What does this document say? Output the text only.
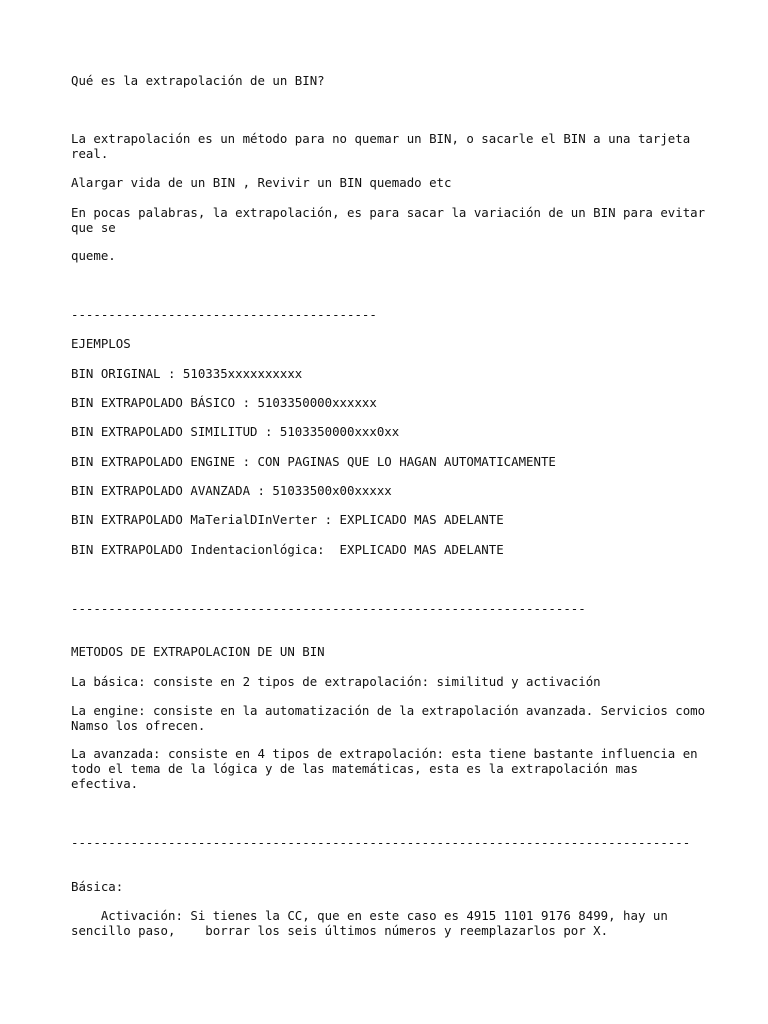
Qué es la extrapolación de un BIN?

La extrapolación es un método para no quemar un BIN, o sacarle el BIN a una tarjeta real.

Alargar vida de un BIN , Revivir un BIN quemado etc

En pocas palabras, la extrapolación, es para sacar la variación de un BIN para evitar que se

queme.

-----------------------------------------

EJEMPLOS

BIN ORIGINAL : 510335xxxxxxxxxx

BIN EXTRAPOLADO BÁSICO : 5103350000xxxxxx

BIN EXTRAPOLADO SIMILITUD : 5103350000xxx0xx

BIN EXTRAPOLADO ENGINE : CON PAGINAS QUE LO HAGAN AUTOMATICAMENTE

BIN EXTRAPOLADO AVANZADA : 51033500x00xxxxx

BIN EXTRAPOLADO MaTerialDInVerter : EXPLICADO MAS ADELANTE

BIN EXTRAPOLADO Indentacionlógica:  EXPLICADO MAS ADELANTE

---------------------------------------------------------------------

METODOS DE EXTRAPOLACION DE UN BIN

La básica: consiste en 2 tipos de extrapolación: similitud y activación

La engine: consiste en la automatización de la extrapolación avanzada. Servicios como Namso los ofrecen.

La avanzada: consiste en 4 tipos de extrapolación: esta tiene bastante influencia en todo el tema de la lógica y de las matemáticas, esta es la extrapolación mas efectiva.

-----------------------------------------------------------------------------------

Básica:

Activación: Si tienes la CC, que en este caso es 4915 1101 9176 8499, hay un sencillo paso,    borrar los seis últimos números y reemplazarlos por X.
